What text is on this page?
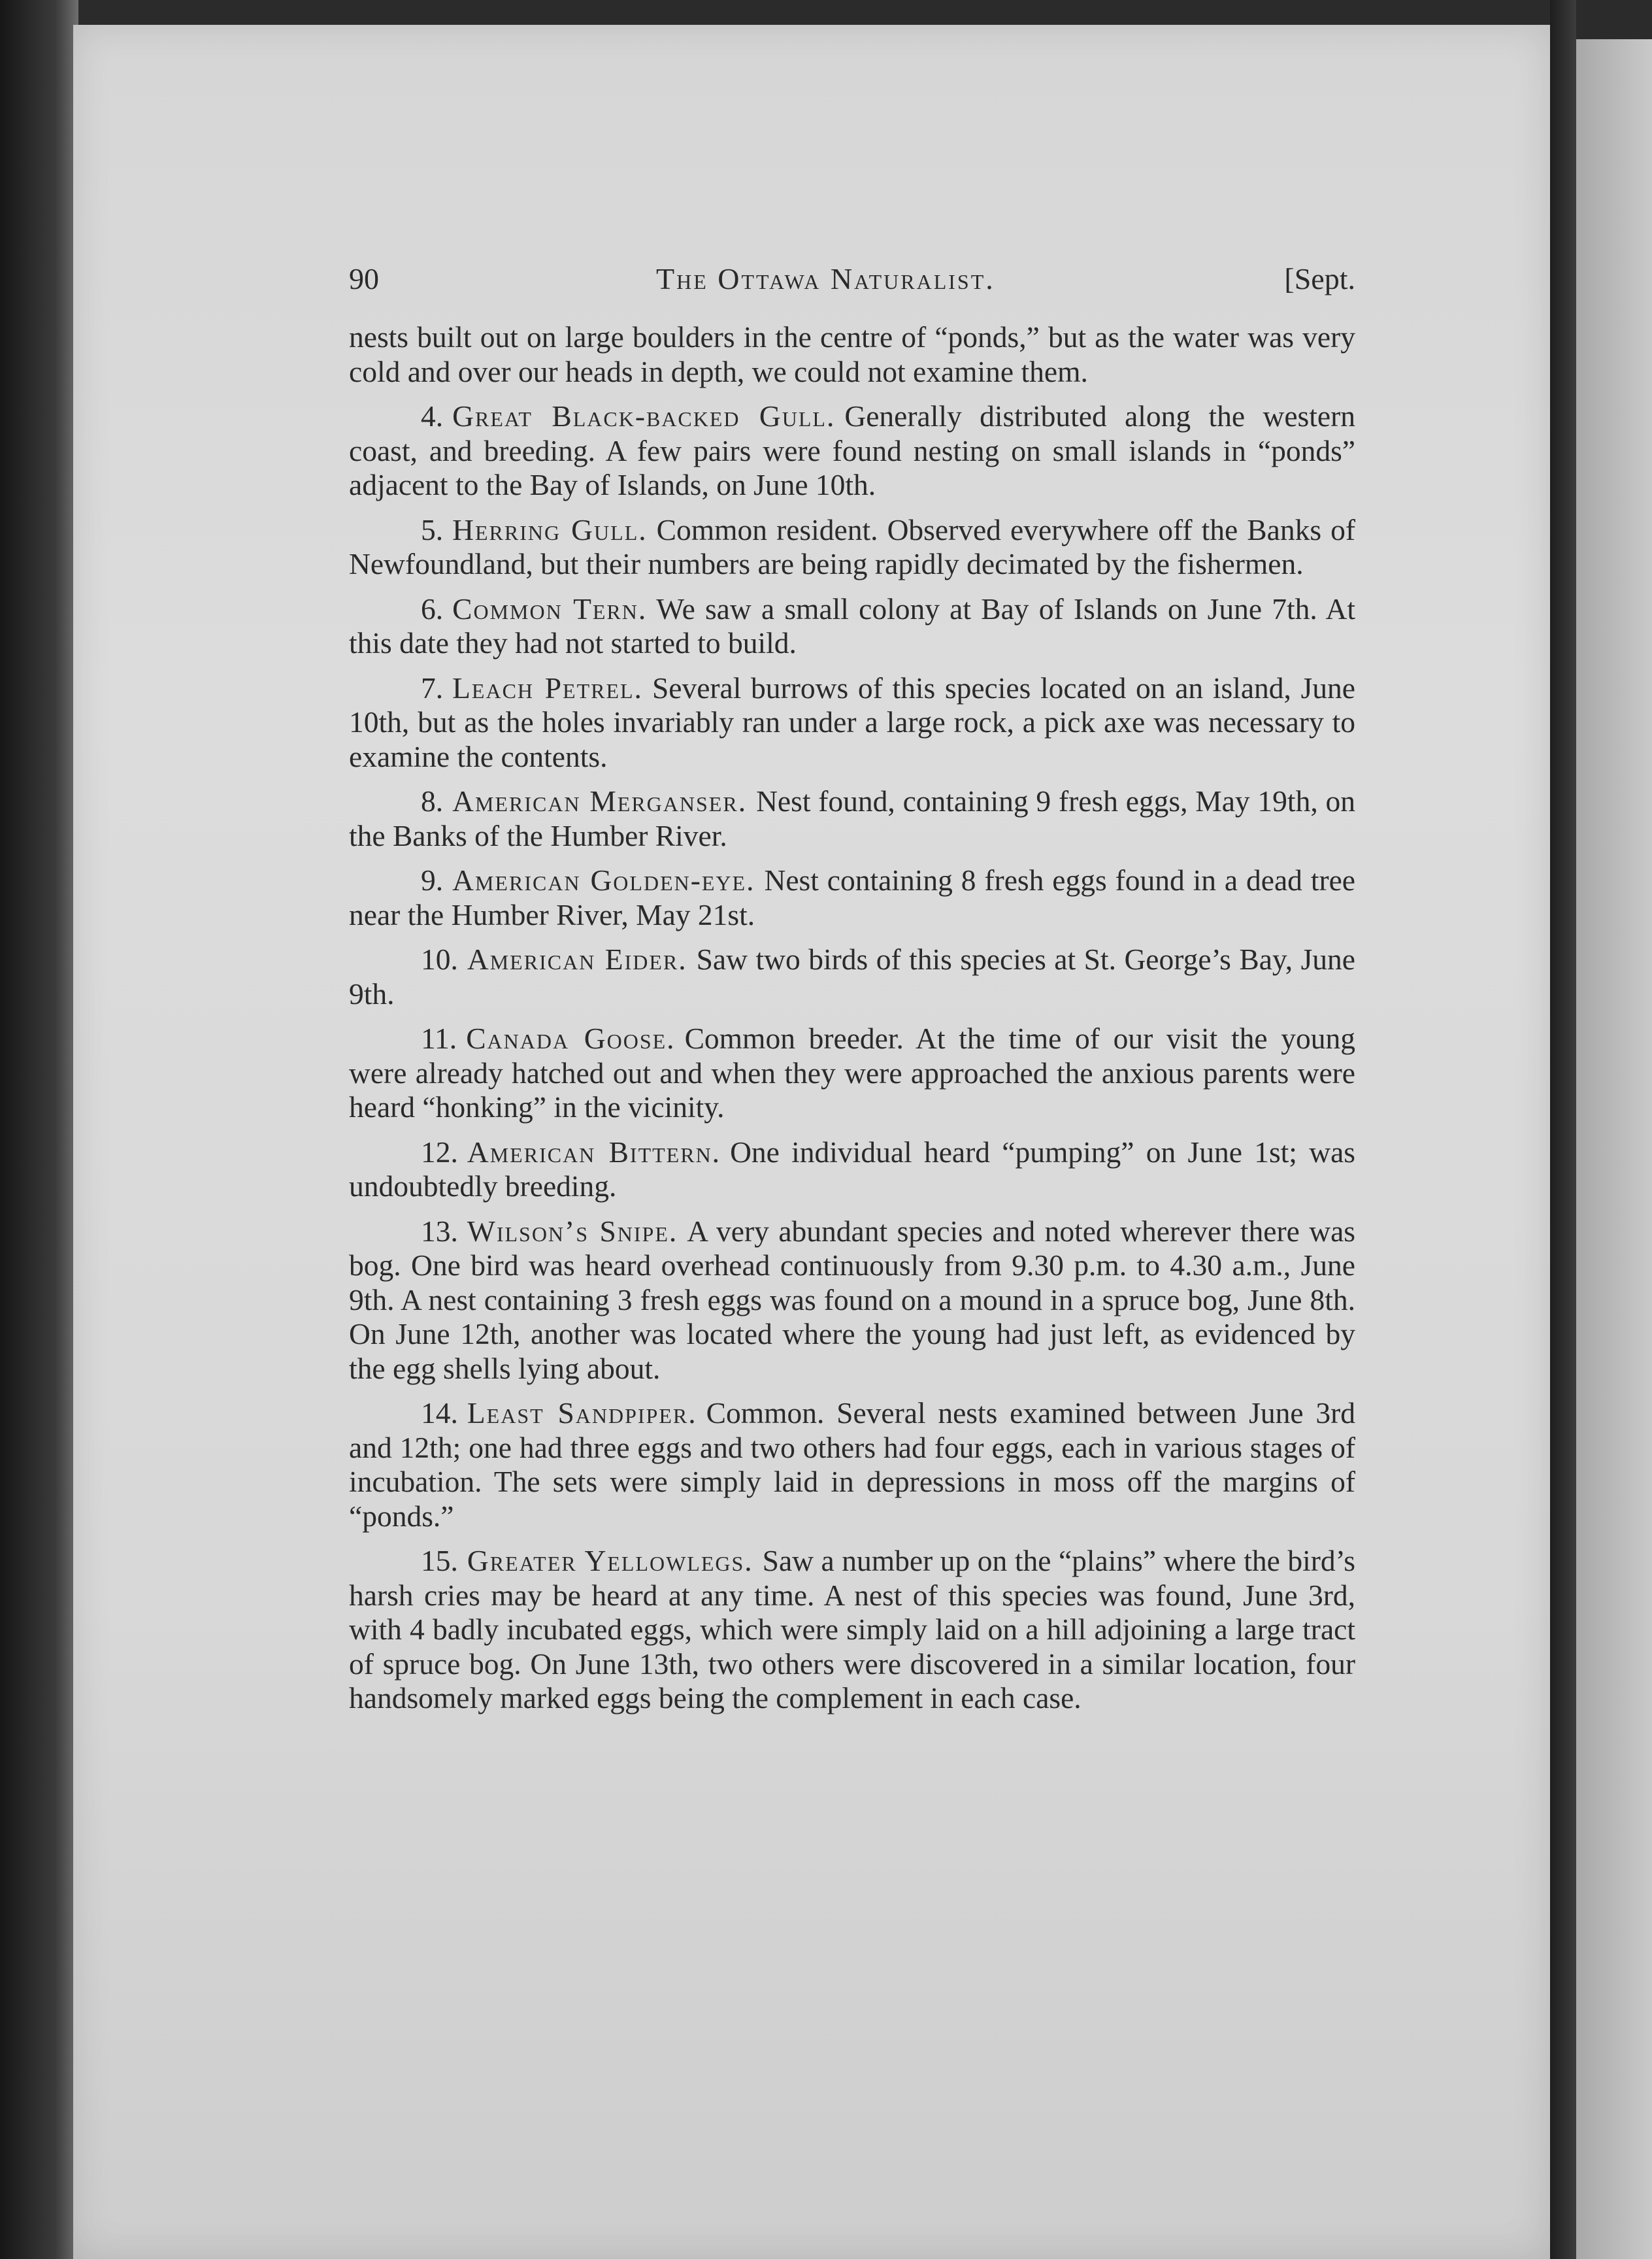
90	The Ottawa Naturalist.	[Sept.

nests built out on large boulders in the centre of “ponds,” but as the water was very cold and over our heads in depth, we could not examine them.

4. Great Black-backed Gull. Generally distributed along the western coast, and breeding. A few pairs were found nesting on small islands in “ponds” adjacent to the Bay of Islands, on June 10th.

5. Herring Gull. Common resident. Observed everywhere off the Banks of Newfoundland, but their numbers are being rapidly decimated by the fishermen.

6. Common Tern. We saw a small colony at Bay of Islands on June 7th. At this date they had not started to build.

7. Leach Petrel. Several burrows of this species located on an island, June 10th, but as the holes invariably ran under a large rock, a pick axe was necessary to examine the contents.

8. American Merganser. Nest found, containing 9 fresh eggs, May 19th, on the Banks of the Humber River.

9. American Golden-eye. Nest containing 8 fresh eggs found in a dead tree near the Humber River, May 21st.

10. American Eider. Saw two birds of this species at St. George’s Bay, June 9th.

11. Canada Goose. Common breeder. At the time of our visit the young were already hatched out and when they were approached the anxious parents were heard “honking” in the vicinity.

12. American Bittern. One individual heard “pumping” on June 1st; was undoubtedly breeding.

13. Wilson’s Snipe. A very abundant species and noted wherever there was bog. One bird was heard overhead continuously from 9.30 p.m. to 4.30 a.m., June 9th. A nest containing 3 fresh eggs was found on a mound in a spruce bog, June 8th. On June 12th, another was located where the young had just left, as evidenced by the egg shells lying about.

14. Least Sandpiper. Common. Several nests examined between June 3rd and 12th; one had three eggs and two others had four eggs, each in various stages of incubation. The sets were simply laid in depressions in moss off the margins of “ponds.”

15. Greater Yellowlegs. Saw a number up on the “plains” where the bird’s harsh cries may be heard at any time. A nest of this species was found, June 3rd, with 4 badly incubated eggs, which were simply laid on a hill adjoining a large tract of spruce bog. On June 13th, two others were discovered in a similar location, four handsomely marked eggs being the complement in each case.
